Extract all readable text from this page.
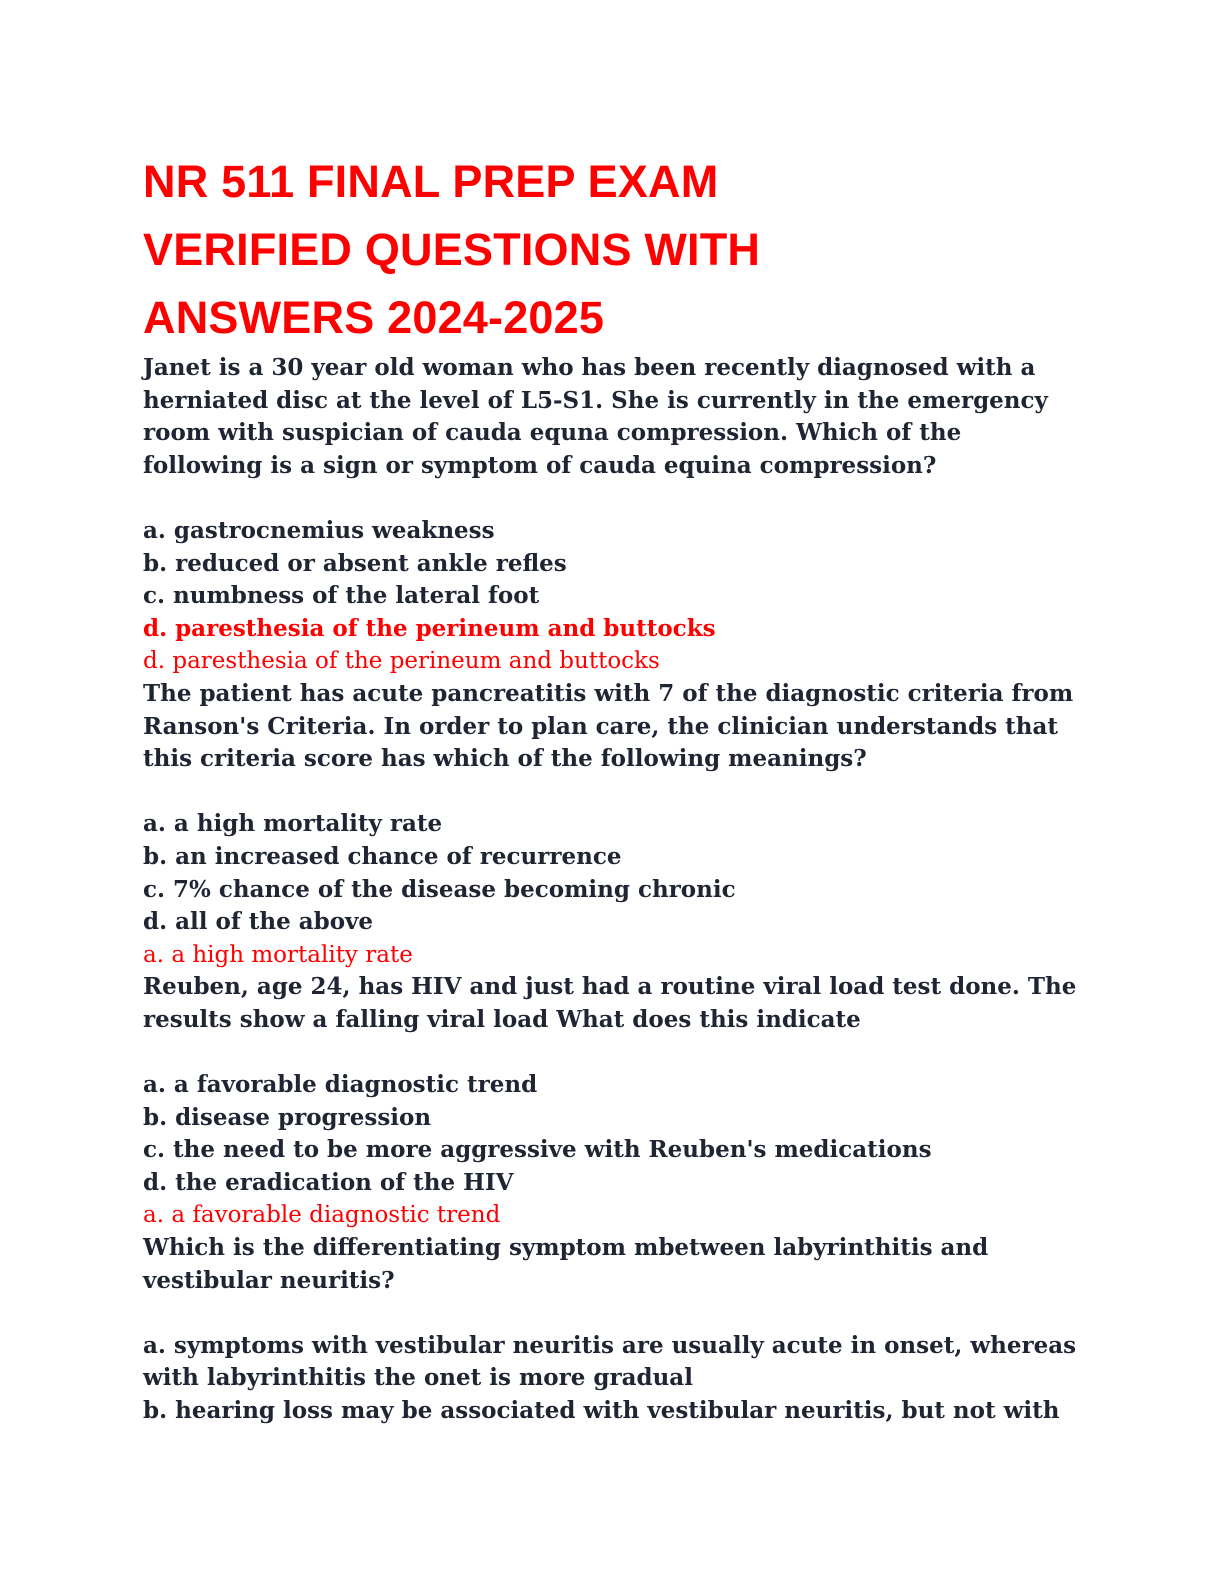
NR 511 FINAL PREP EXAM
VERIFIED QUESTIONS WITH
ANSWERS 2024-2025

Janet is a 30 year old woman who has been recently diagnosed with a herniated disc at the level of L5-S1. She is currently in the emergency room with suspician of cauda equna compression. Which of the following is a sign or symptom of cauda equina compression?

a. gastrocnemius weakness

b. reduced or absent ankle refles

c. numbness of the lateral foot

d. paresthesia of the perineum and buttocks

d. paresthesia of the perineum and buttocks

The patient has acute pancreatitis with 7 of the diagnostic criteria from Ranson's Criteria. In order to plan care, the clinician understands that this criteria score has which of the following meanings?

a. a high mortality rate

b. an increased chance of recurrence

c. 7% chance of the disease becoming chronic

d. all of the above

a. a high mortality rate

Reuben, age 24, has HIV and just had a routine viral load test done. The results show a falling viral load What does this indicate

a. a favorable diagnostic trend

b. disease progression

c. the need to be more aggressive with Reuben's medications

d. the eradication of the HIV

a. a favorable diagnostic trend

Which is the differentiating symptom mbetween labyrinthitis and vestibular neuritis?

a. symptoms with vestibular neuritis are usually acute in onset, whereas with labyrinthitis the onet is more gradual

b. hearing loss may be associated with vestibular neuritis, but not with
